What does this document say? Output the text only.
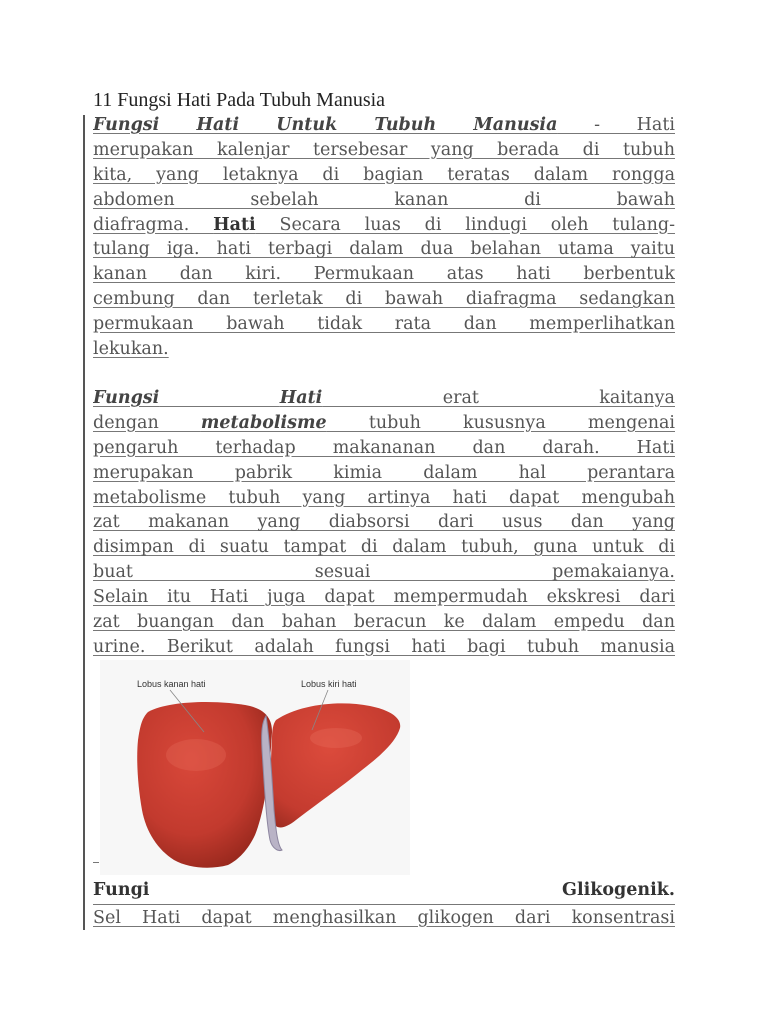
11 Fungsi Hati Pada Tubuh Manusia
Fungsi Hati Untuk Tubuh Manusia - Hati
merupakan kalenjar tersebesar yang berada di tubuh
kita, yang letaknya di bagian teratas dalam rongga
abdomen sebelah kanan di bawah
diafragma. Hati Secara luas di lindugi oleh tulang-
tulang iga. hati terbagi dalam dua belahan utama yaitu
kanan dan kiri. Permukaan atas hati berbentuk
cembung dan terletak di bawah diafragma sedangkan
permukaan bawah tidak rata dan memperlihatkan
lekukan.
Fungsi	Hati erat kaitanya
dengan metabolisme tubuh kususnya mengenai
pengaruh terhadap makananan dan darah. Hati
merupakan pabrik kimia dalam hal perantara
metabolisme tubuh yang artinya hati dapat mengubah
zat makanan yang diabsorsi dari usus dan yang
disimpan di suatu tampat di dalam tubuh, guna untuk di
buat sesuai pemakaianya.
Selain itu Hati juga dapat mempermudah ekskresi dari
zat buangan dan bahan beracun ke dalam empedu dan
urine. Berikut adalah fungsi hati bagi tubuh manusia
Lobus kanan hati	Lobus kiri hati
Fungi	Glikogenik.
Sel Hati dapat menghasilkan glikogen dari konsentrasi
